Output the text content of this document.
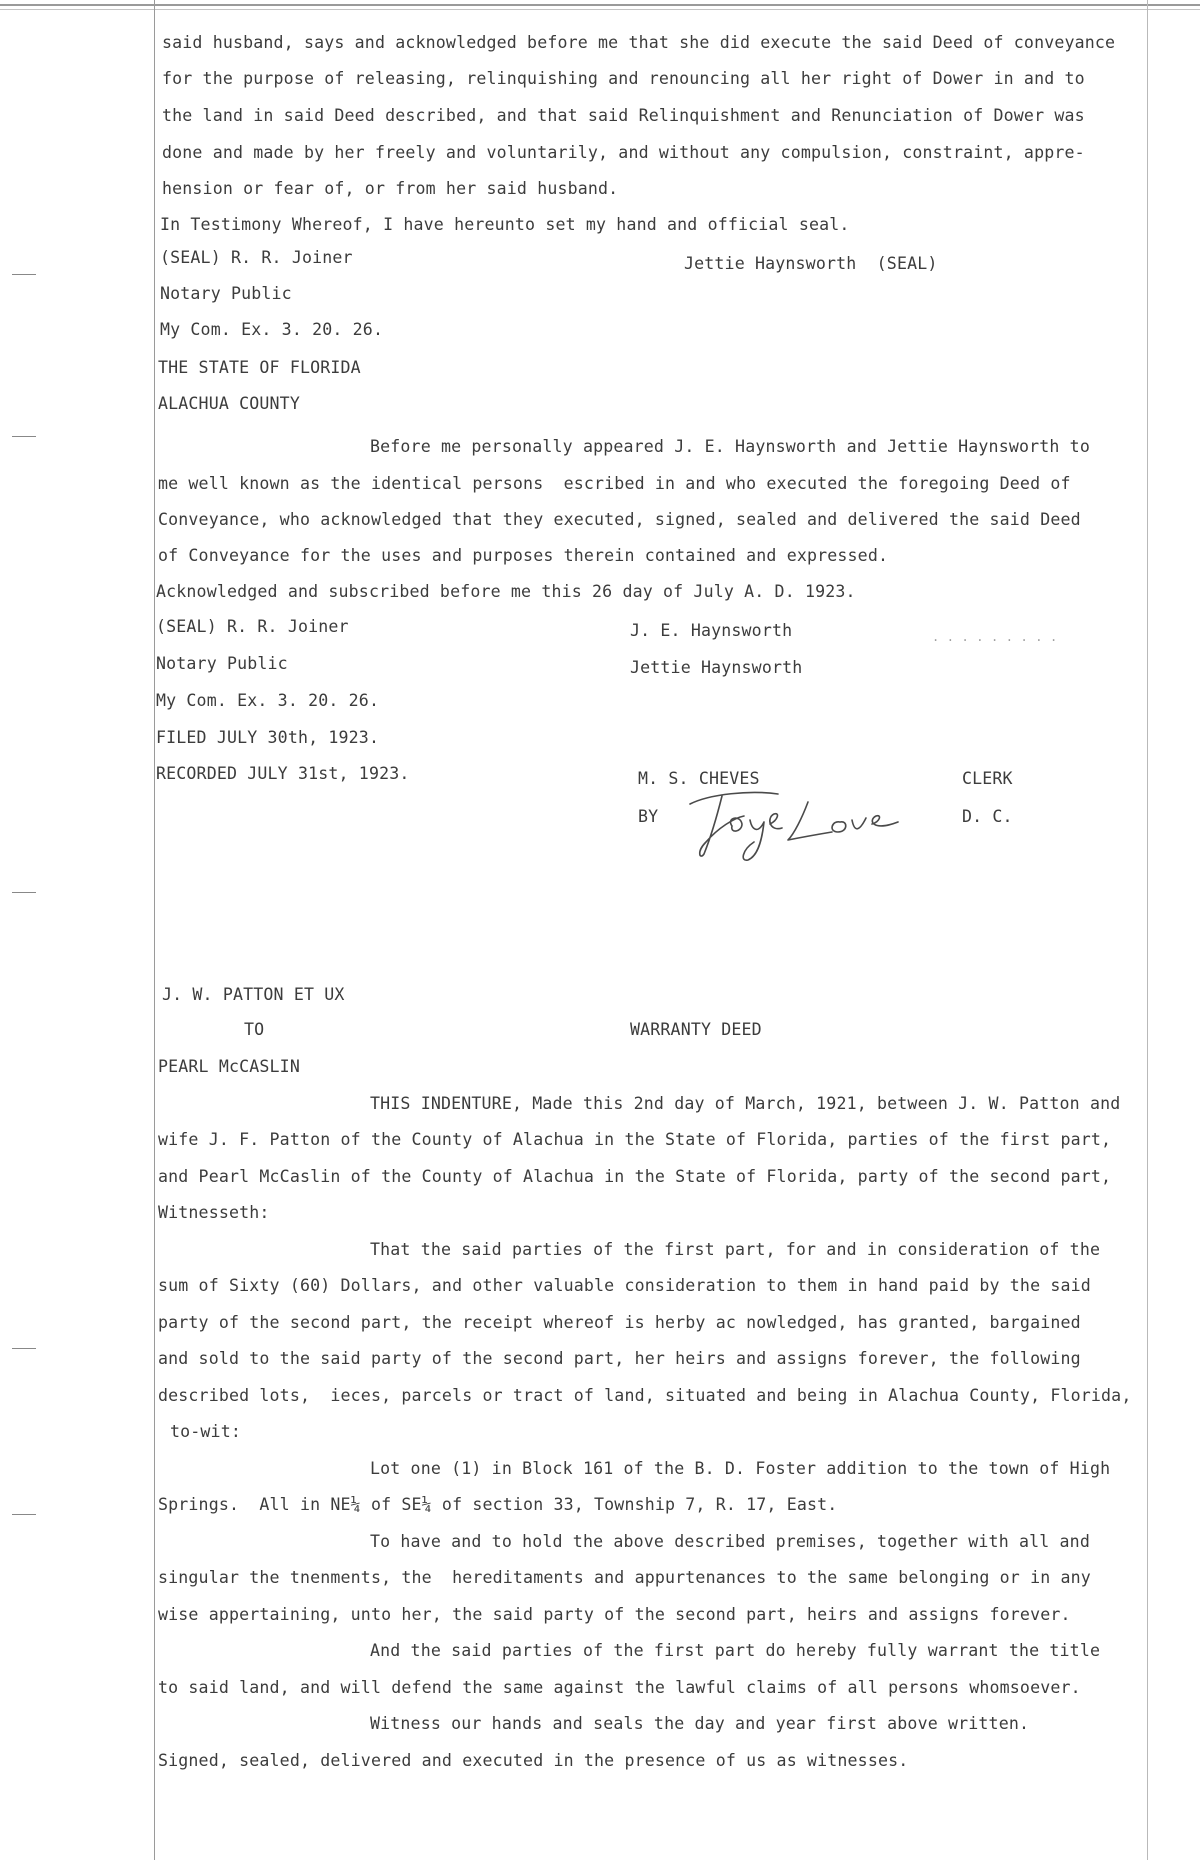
said husband, says and acknowledged before me that she did execute the said Deed of conveyance
for the purpose of releasing, relinquishing and renouncing all her right of Dower in and to
the land in said Deed described, and that said Relinquishment and Renunciation of Dower was
done and made by her freely and voluntarily, and without any compulsion, constraint, appre-
hension or fear of, or from her said husband.
In Testimony Whereof, I have hereunto set my hand and official seal.
(SEAL) R. R. Joiner	Jettie Haynsworth  (SEAL)
Notary Public
My Com. Ex. 3. 20. 26.
THE STATE OF FLORIDA
ALACHUA COUNTY
Before me personally appeared J. E. Haynsworth and Jettie Haynsworth to
me well known as the identical persons  escribed in and who executed the foregoing Deed of
Conveyance, who acknowledged that they executed, signed, sealed and delivered the said Deed
of Conveyance for the uses and purposes therein contained and expressed.
Acknowledged and subscribed before me this 26 day of July A. D. 1923.
(SEAL) R. R. Joiner	J. E. Haynsworth	. . . . . . . . .
Notary Public	Jettie Haynsworth
My Com. Ex. 3. 20. 26.
FILED JULY 30th, 1923.
RECORDED JULY 31st, 1923.	M. S. CHEVES	CLERK
BY	D. C.
J. W. PATTON ET UX
TO	WARRANTY DEED
PEARL McCASLIN
THIS INDENTURE, Made this 2nd day of March, 1921, between J. W. Patton and
wife J. F. Patton of the County of Alachua in the State of Florida, parties of the first part,
and Pearl McCaslin of the County of Alachua in the State of Florida, party of the second part,
Witnesseth:
That the said parties of the first part, for and in consideration of the
sum of Sixty (60) Dollars, and other valuable consideration to them in hand paid by the said
party of the second part, the receipt whereof is herby ac nowledged, has granted, bargained
and sold to the said party of the second part, her heirs and assigns forever, the following
described lots,  ieces, parcels or tract of land, situated and being in Alachua County, Florida,
to-wit:
Lot one (1) in Block 161 of the B. D. Foster addition to the town of High
Springs.  All in NE¼ of SE¼ of section 33, Township 7, R. 17, East.
To have and to hold the above described premises, together with all and
singular the tnenments, the  hereditaments and appurtenances to the same belonging or in any
wise appertaining, unto her, the said party of the second part, heirs and assigns forever.
And the said parties of the first part do hereby fully warrant the title
to said land, and will defend the same against the lawful claims of all persons whomsoever.
Witness our hands and seals the day and year first above written.
Signed, sealed, delivered and executed in the presence of us as witnesses.
